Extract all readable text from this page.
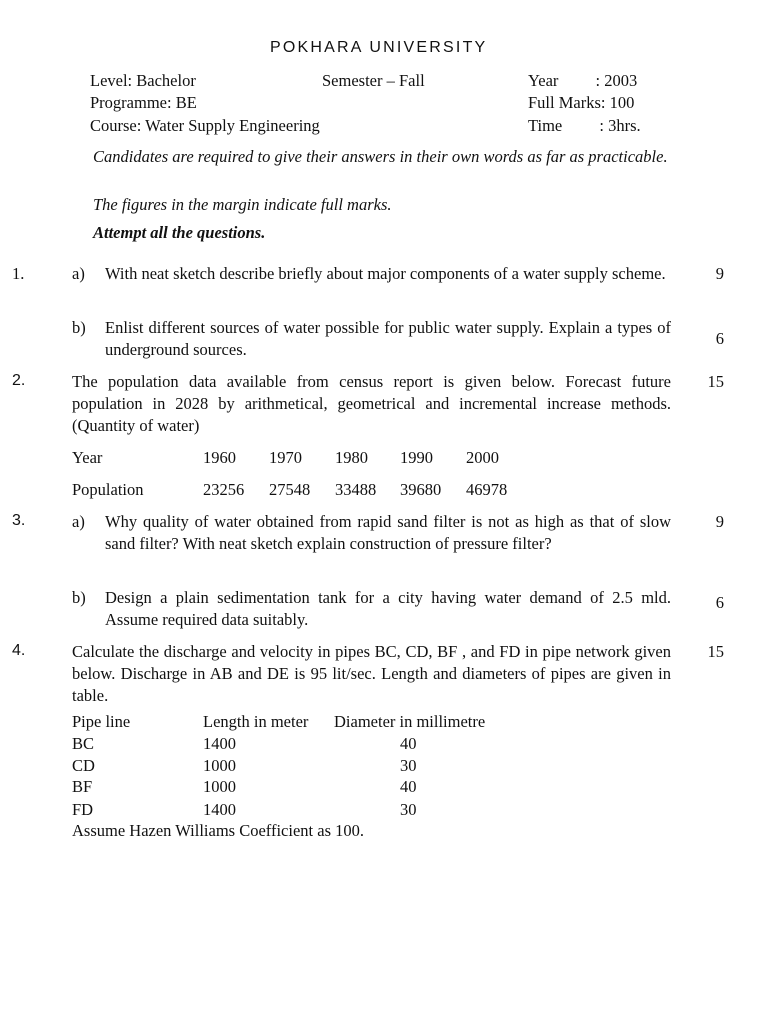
POKHARA UNIVERSITY
Level: Bachelor	Semester – Fall	Year         : 2003
Programme: BE	Full Marks: 100
Course: Water Supply Engineering	Time         : 3hrs.
Candidates are required to give their answers in their own words as far as practicable.
The figures in the margin indicate full marks.
Attempt all the questions.
1.	a) With neat sketch describe briefly about major components of a water supply scheme.	9
b) Enlist different sources of water possible for public water supply. Explain a types of underground sources.
6
2.	The population data available from census report is given below. Forecast future population in 2028 by arithmetical, geometrical and incremental increase methods. (Quantity of water)
15
Year	1960 1970 1980 1990 2000
Population	23256 27548 33488 39680 46978
3.	a) Why quality of water obtained from rapid sand filter is not as high as that of slow sand filter? With neat sketch explain construction of pressure filter?
9
b) Design a plain sedimentation tank for a city having water demand of 2.5 mld. Assume required data suitably.
6
4.	Calculate the discharge and velocity in pipes BC, CD, BF , and FD in pipe network given below. Discharge in AB and DE is 95 lit/sec. Length and diameters of pipes are given in table.
15
Pipe line	Length in meter Diameter in millimetre
BC	1400	40
CD	1000	30
BF	1000	40
FD	1400	30
Assume Hazen Williams Coefficient as 100.
